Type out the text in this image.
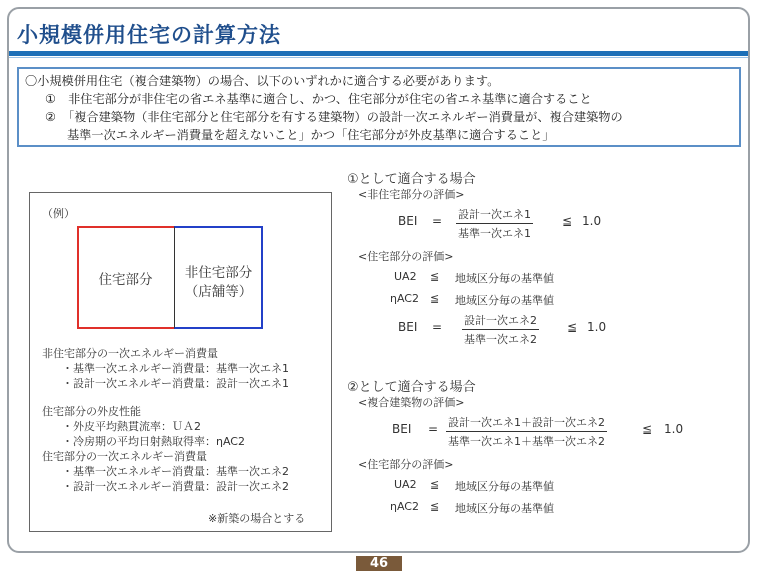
小規模併用住宅の計算方法
〇小規模併用住宅（複合建築物）の場合、以下のいずれかに適合する必要があります。
①　非住宅部分が非住宅の省エネ基準に適合し、かつ、住宅部分が住宅の省エネ基準に適合すること
②　「複合建築物（非住宅部分と住宅部分を有する建築物）の設計一次エネルギー消費量が、複合建築物の
基準一次エネルギー消費量を超えないこと」かつ「住宅部分が外皮基準に適合すること」
（例）
住宅部分	非住宅部分
（店舗等）
非住宅部分の一次エネルギー消費量
・基準一次エネルギー消費量：基準一次エネ1
・設計一次エネルギー消費量：設計一次エネ1
住宅部分の外皮性能
・外皮平均熱貫流率：ＵＡ2
・冷房期の平均日射熱取得率：ηAC2
住宅部分の一次エネルギー消費量
・基準一次エネルギー消費量：基準一次エネ2
・設計一次エネルギー消費量：設計一次エネ2
※新築の場合とする
①として適合する場合
<非住宅部分の評価>
BEI = 設計一次エネ1
基準一次エネ1
≦ 1.0
<住宅部分の評価>
UA2 ≦ 地域区分毎の基準値
ηAC2 ≦ 地域区分毎の基準値
BEI = 設計一次エネ2
基準一次エネ2
≦ 1.0
②として適合する場合
<複合建築物の評価>
BEI = 設計一次エネ1＋設計一次エネ2
基準一次エネ1＋基準一次エネ2
≦ 1.0
<住宅部分の評価>
UA2 ≦ 地域区分毎の基準値
ηAC2 ≦ 地域区分毎の基準値
46
